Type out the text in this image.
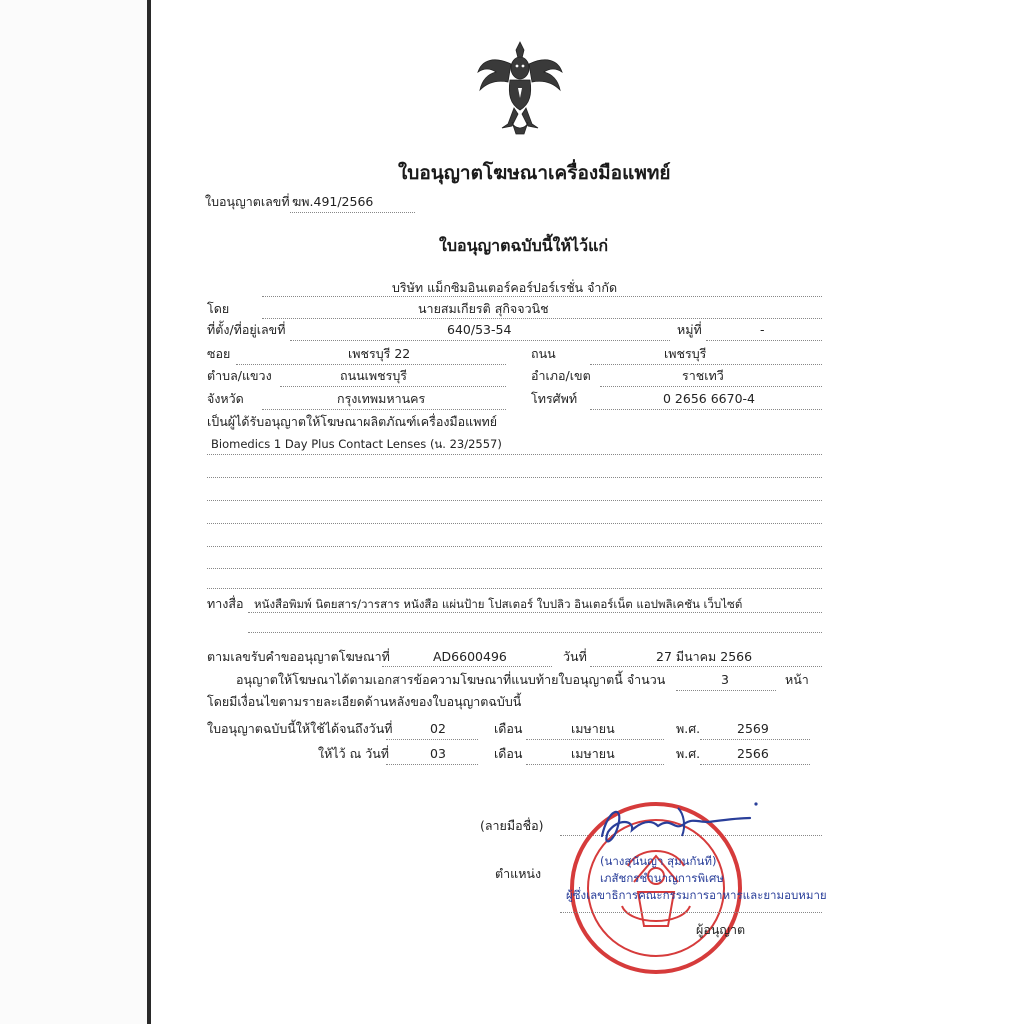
ใบอนุญาตโฆษณาเครื่องมือแพทย์
ใบอนุญาตเลขที่ ฆพ.491/2566
ใบอนุญาตฉบับนี้ให้ไว้แก่
บริษัท แม็กซิมอินเตอร์คอร์ปอร์เรชั่น จำกัด
โดย	นายสมเกียรติ สุกิจจวนิช
ที่ตั้ง/ที่อยู่เลขที่	640/53-54	หมู่ที่	-
ซอย	เพชรบุรี 22	ถนน	เพชรบุรี
ตำบล/แขวง	ถนนเพชรบุรี	อำเภอ/เขต	ราชเทวี
จังหวัด	กรุงเทพมหานคร	โทรศัพท์	0 2656 6670-4
เป็นผู้ได้รับอนุญาตให้โฆษณาผลิตภัณฑ์เครื่องมือแพทย์
Biomedics 1 Day Plus Contact Lenses (น. 23/2557)
ทางสื่อ หนังสือพิมพ์ นิตยสาร/วารสาร หนังสือ แผ่นป้าย โปสเตอร์ ใบปลิว อินเตอร์เน็ต แอปพลิเคชัน เว็บไซต์
ตามเลขรับคำขออนุญาตโฆษณาที่	AD6600496	วันที่	27 มีนาคม 2566
อนุญาตให้โฆษณาได้ตามเอกสารข้อความโฆษณาที่แนบท้ายใบอนุญาตนี้ จำนวน	3	หน้า
โดยมีเงื่อนไขตามรายละเอียดด้านหลังของใบอนุญาตฉบับนี้
ใบอนุญาตฉบับนี้ให้ใช้ได้จนถึงวันที่	02	เดือน	เมษายน	พ.ศ.	2569
ให้ไว้ ณ วันที่	03	เดือน	เมษายน	พ.ศ.	2566
(ลายมือชื่อ)
ตำแหน่ง
(นางสุนันญา สุมนกันที)
เภสัชกรชำนาญการพิเศษ
ผู้ซึ่งเลขาธิการคณะกรรมการอาหารและยามอบหมาย
ผู้อนุญาต
